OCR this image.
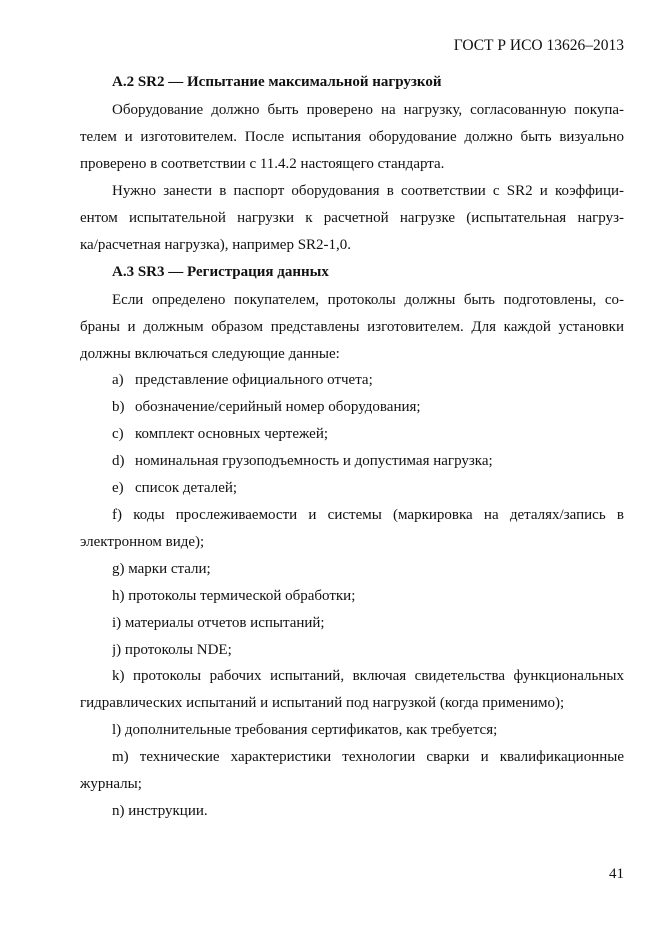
ГОСТ Р ИСО 13626–2013
А.2 SR2 — Испытание максимальной нагрузкой
Оборудование должно быть проверено на нагрузку, согласованную покупа-
телем и изготовителем. После испытания оборудование должно быть визуально
проверено в соответствии с 11.4.2 настоящего стандарта.
Нужно занести в паспорт оборудования в соответствии с SR2 и коэффици-
ентом испытательной нагрузки к расчетной нагрузке (испытательная нагруз-
ка/расчетная нагрузка), например SR2-1,0.
А.3 SR3 — Регистрация данных
Если определено покупателем, протоколы должны быть подготовлены, со-
браны и должным образом представлены изготовителем. Для каждой установки
должны включаться следующие данные:
a) представление официального отчета;
b) обозначение/серийный номер оборудования;
c) комплект основных чертежей;
d) номинальная грузоподъемность и допустимая нагрузка;
e) список деталей;
f) коды прослеживаемости и системы (маркировка на деталях/запись в
электронном виде);
g) марки стали;
h) протоколы термической обработки;
i) материалы отчетов испытаний;
j) протоколы NDE;
k) протоколы рабочих испытаний, включая свидетельства функциональных
гидравлических испытаний и испытаний под нагрузкой (когда применимо);
l) дополнительные требования сертификатов, как требуется;
m) технические характеристики технологии сварки и квалификационные
журналы;
n) инструкции.
41
